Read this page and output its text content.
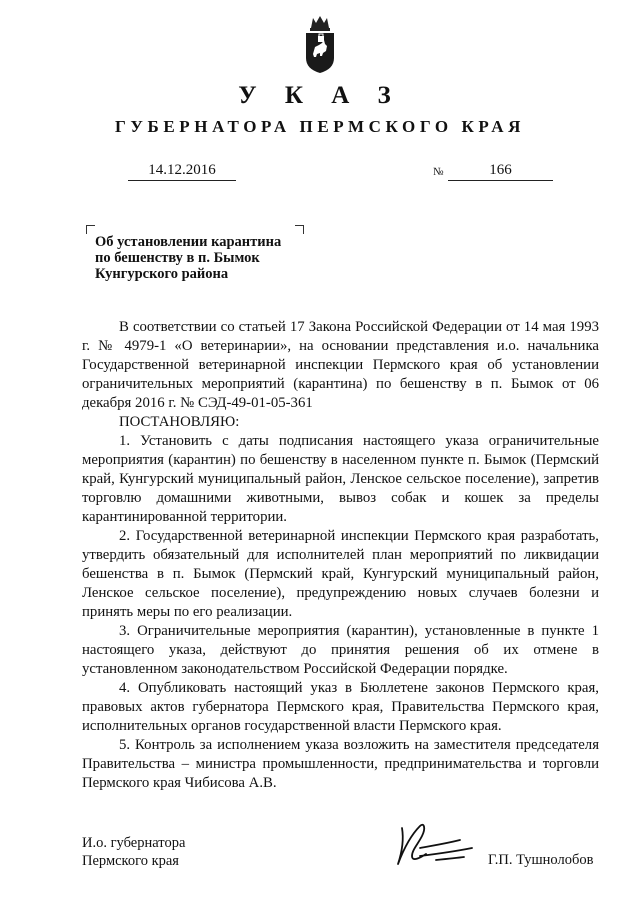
У К А З
ГУБЕРНАТОРА ПЕРМСКОГО КРАЯ
14.12.2016	№	166
Об установлении карантина
по бешенству в п. Бымок
Кунгурского района

В соответствии со статьей 17 Закона Российской Федерации от 14 мая 1993 г. № 4979-1 «О ветеринарии», на основании представления и.о. начальника Государственной ветеринарной инспекции Пермского края об установлении ограничительных мероприятий (карантина) по бешенству в п. Бымок от 06 декабря 2016 г. № СЭД-49-01-05-361

ПОСТАНОВЛЯЮ:

1. Установить с даты подписания настоящего указа ограничительные мероприятия (карантин) по бешенству в населенном пункте п. Бымок (Пермский край, Кунгурский муниципальный район, Ленское сельское поселение), запретив торговлю домашними животными, вывоз собак и кошек за пределы карантинированной территории.

2. Государственной ветеринарной инспекции Пермского края разработать, утвердить обязательный для исполнителей план мероприятий по ликвидации бешенства в п. Бымок (Пермский край, Кунгурский муниципальный район, Ленское сельское поселение), предупреждению новых случаев болезни и принять меры по его реализации.

3. Ограничительные мероприятия (карантин), установленные в пункте 1 настоящего указа, действуют до принятия решения об их отмене в установленном законодательством Российской Федерации порядке.

4. Опубликовать настоящий указ в Бюллетене законов Пермского края, правовых актов губернатора Пермского края, Правительства Пермского края, исполнительных органов государственной власти Пермского края.

5. Контроль за исполнением указа возложить на заместителя председателя Правительства – министра промышленности, предпринимательства и торговли Пермского края Чибисова А.В.

И.о. губернатора
Пермского края	Г.П. Тушнолобов
